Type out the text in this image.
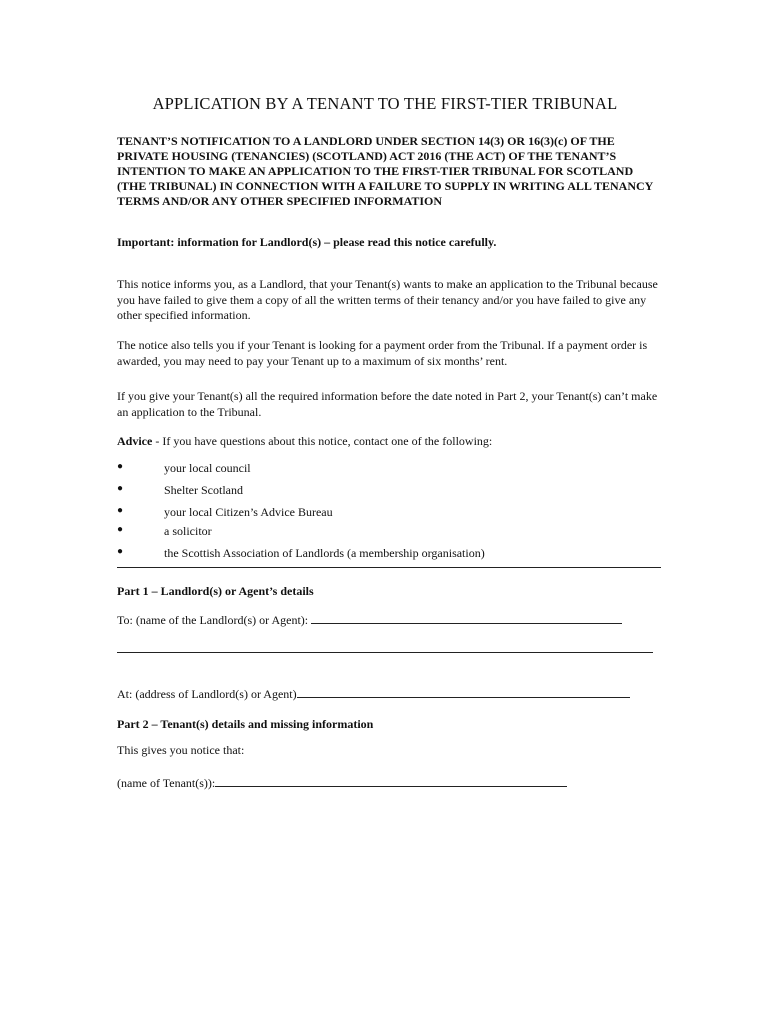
APPLICATION BY A TENANT TO THE FIRST-TIER TRIBUNAL
TENANT’S NOTIFICATION TO A LANDLORD UNDER SECTION 14(3) OR 16(3)(c) OF THE PRIVATE HOUSING (TENANCIES) (SCOTLAND) ACT 2016 (THE ACT) OF THE TENANT’S INTENTION TO MAKE AN APPLICATION TO THE FIRST-TIER TRIBUNAL FOR SCOTLAND (THE TRIBUNAL) IN CONNECTION WITH A FAILURE TO SUPPLY IN WRITING ALL TENANCY TERMS AND/OR ANY OTHER SPECIFIED INFORMATION
Important: information for Landlord(s) – please read this notice carefully.
This notice informs you, as a Landlord, that your Tenant(s) wants to make an application to the Tribunal because you have failed to give them a copy of all the written terms of their tenancy and/or you have failed to give any other specified information.
The notice also tells you if your Tenant is looking for a payment order from the Tribunal. If a payment order is awarded, you may need to pay your Tenant up to a maximum of six months’ rent.
If you give your Tenant(s) all the required information before the date noted in Part 2, your Tenant(s) can’t make an application to the Tribunal.
Advice - If you have questions about this notice, contact one of the following:
●	your local council
●	Shelter Scotland
●	your local Citizen’s Advice Bureau
●	a solicitor
●	the Scottish Association of Landlords (a membership organisation)
Part 1 – Landlord(s) or Agent’s details
To: (name of the Landlord(s) or Agent):
At: (address of Landlord(s) or Agent)
Part 2 – Tenant(s) details and missing information
This gives you notice that:
(name of Tenant(s)):
